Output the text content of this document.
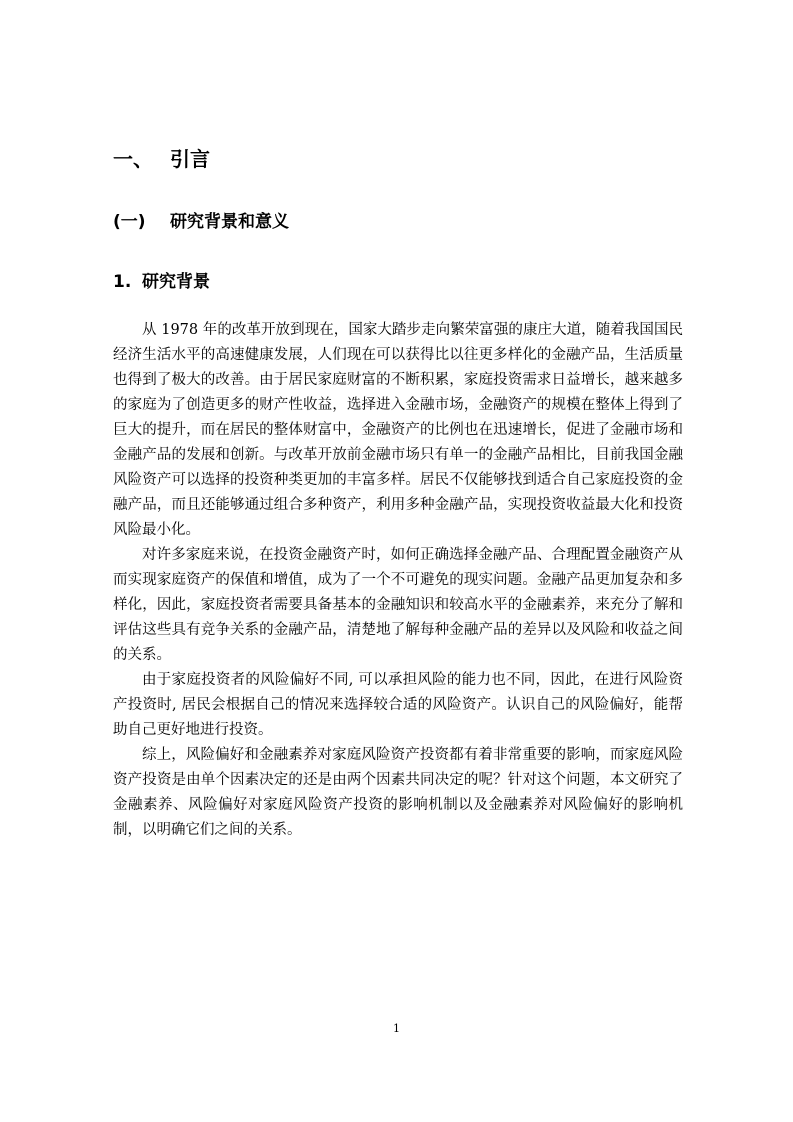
一、 引言
(一) 研究背景和意义
1. 研究背景

从 1978 年的改革开放到现在，国家大踏步走向繁荣富强的康庄大道，随着我国国民经济生活水平的高速健康发展，人们现在可以获得比以往更多样化的金融产品，生活质量也得到了极大的改善。由于居民家庭财富的不断积累，家庭投资需求日益增长，越来越多的家庭为了创造更多的财产性收益，选择进入金融市场，金融资产的规模在整体上得到了巨大的提升，而在居民的整体财富中，金融资产的比例也在迅速增长，促进了金融市场和金融产品的发展和创新。与改革开放前金融市场只有单一的金融产品相比，目前我国金融风险资产可以选择的投资种类更加的丰富多样。居民不仅能够找到适合自己家庭投资的金融产品，而且还能够通过组合多种资产，利用多种金融产品，实现投资收益最大化和投资风险最小化。

对许多家庭来说，在投资金融资产时，如何正确选择金融产品、合理配置金融资产从而实现家庭资产的保值和增值，成为了一个不可避免的现实问题。金融产品更加复杂和多样化，因此，家庭投资者需要具备基本的金融知识和较高水平的金融素养，来充分了解和评估这些具有竞争关系的金融产品，清楚地了解每种金融产品的差异以及风险和收益之间的关系。

由于家庭投资者的风险偏好不同, 可以承担风险的能力也不同，因此，在进行风险资产投资时, 居民会根据自己的情况来选择较合适的风险资产。认识自己的风险偏好，能帮助自己更好地进行投资。

综上，风险偏好和金融素养对家庭风险资产投资都有着非常重要的影响，而家庭风险资产投资是由单个因素决定的还是由两个因素共同决定的呢？针对这个问题，本文研究了金融素养、风险偏好对家庭风险资产投资的影响机制以及金融素养对风险偏好的影响机制，以明确它们之间的关系。

1
